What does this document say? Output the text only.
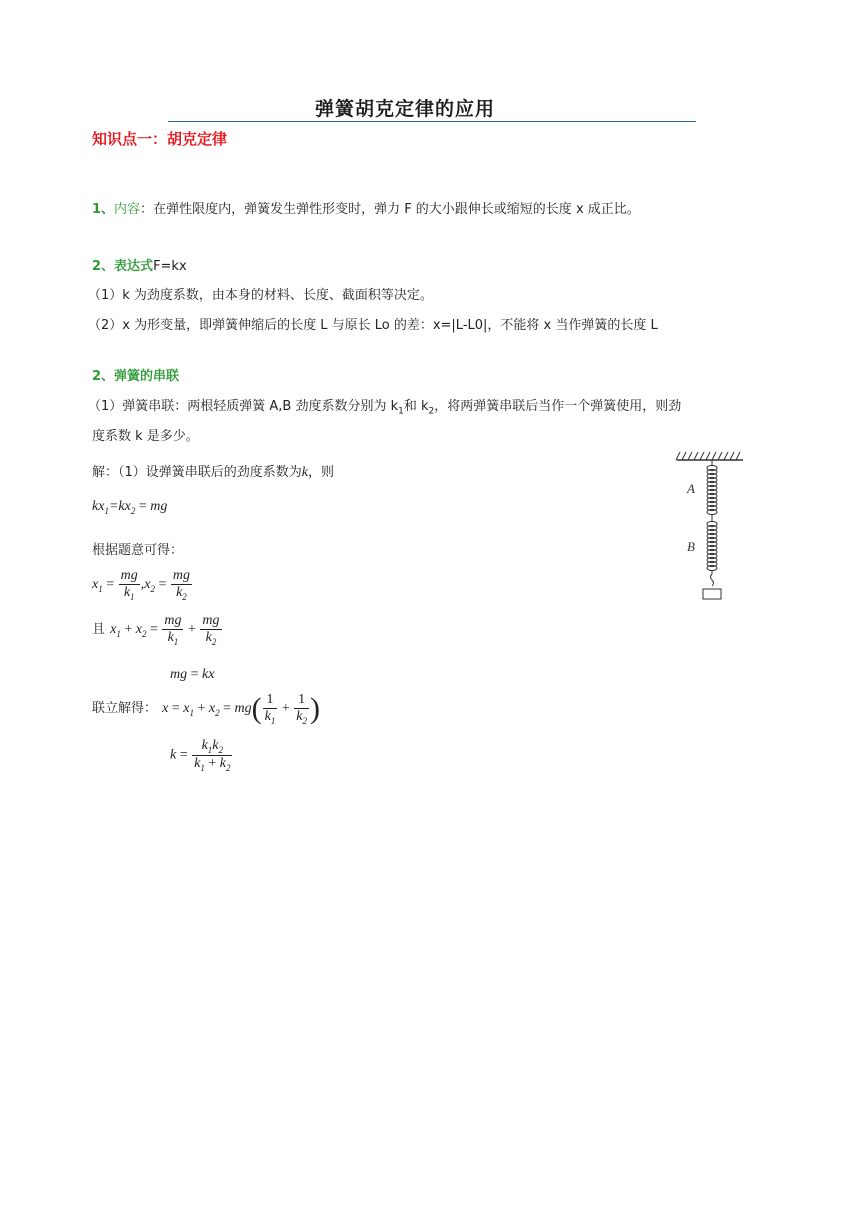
弹簧胡克定律的应用
知识点一：胡克定律
1、内容：在弹性限度内，弹簧发生弹性形变时，弹力 F 的大小跟伸长或缩短的长度 x 成正比。
2、表达式F=kx
（1）k 为劲度系数，由本身的材料、长度、截面积等决定。
（2）x 为形变量，即弹簧伸缩后的长度 L 与原长 Lo 的差：x=|L-L0|，不能将 x 当作弹簧的长度 L
2、弹簧的串联
（1）弹簧串联：两根轻质弹簧 A,B 劲度系数分别为 $k_1$和 $k_2$，将两弹簧串联后当作一个弹簧使用，则劲
度系数 k 是多少。
解：（1）设弹簧串联后的劲度系数为k，则
$kx_1=kx_2$ = mg
根据题意可得：
$x_1 = \frac{mg}{k_1} ,x_2 = \frac{mg}{k_2}$
且 $x_1 + x_2 = \frac{mg}{k_1} + \frac{mg}{k_2}$
mg = kx
联立解得： $x = x_1 + x_2 = mg( \frac{1}{k_1} + \frac{1}{k_2}$ )
$k = \frac{k_1k_2}{k_1 + k_2}$
A
B
